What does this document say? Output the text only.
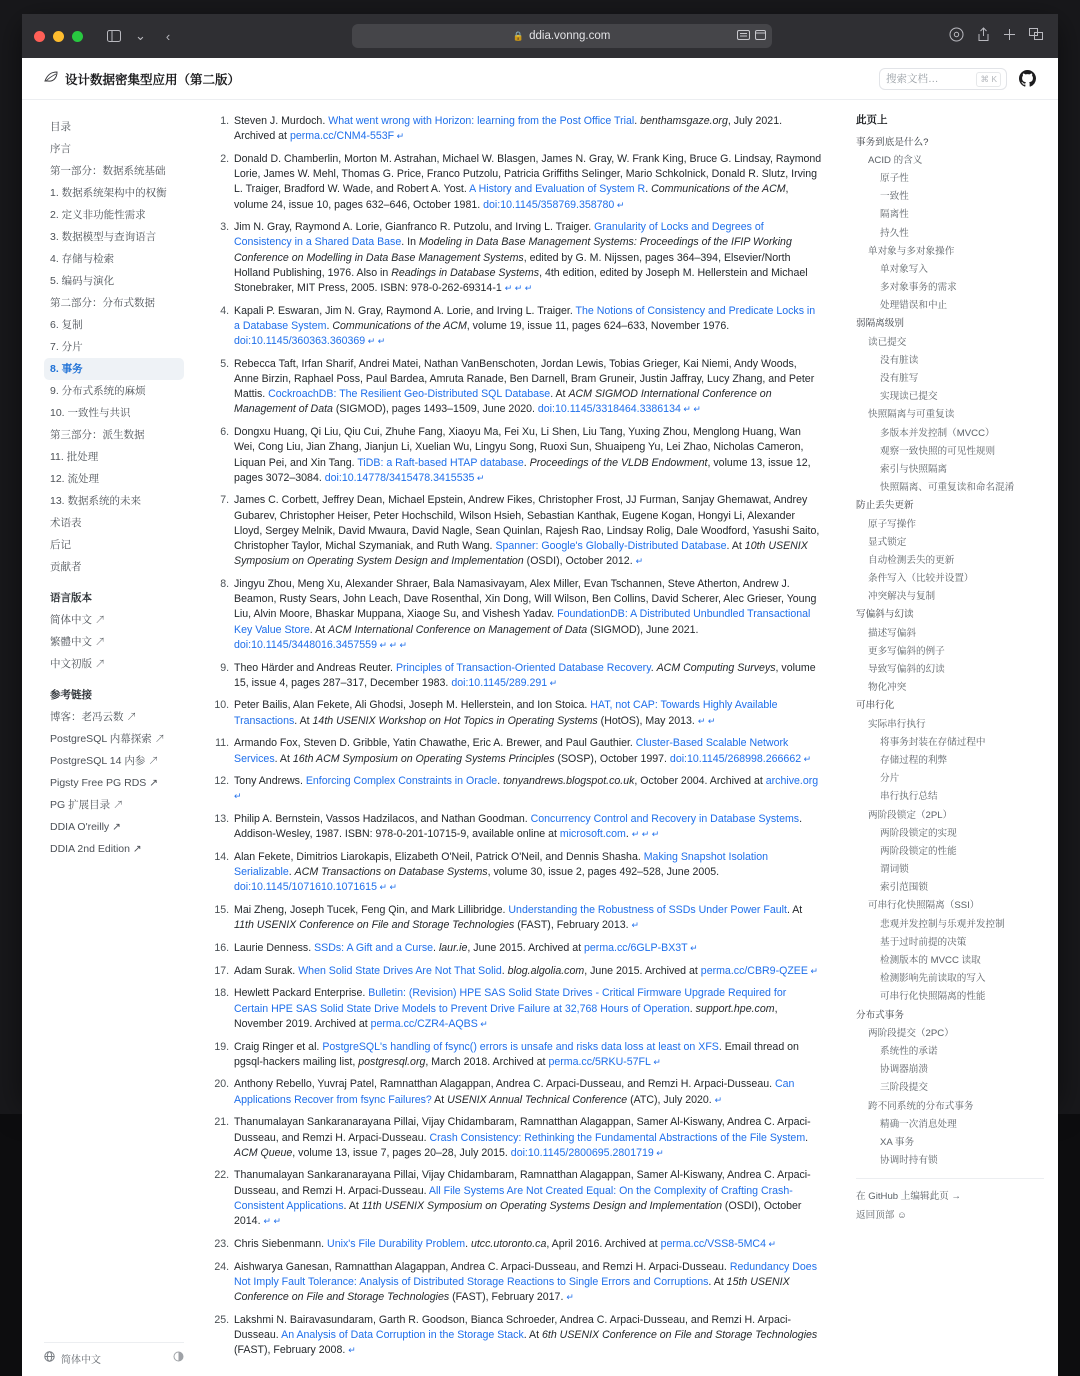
⌄	‹	🔒 ddia.vonng.com
设计数据密集型应用（第二版）	搜索文档…	⌘ K
目录
序言
第一部分：数据系统基础
1. 数据系统架构中的权衡
2. 定义非功能性需求
3. 数据模型与查询语言
4. 存储与检索
5. 编码与演化
第二部分：分布式数据
6. 复制
7. 分片
8. 事务
9. 分布式系统的麻烦
10. 一致性与共识
第三部分：派生数据
11. 批处理
12. 流处理
13. 数据系统的未来
术语表
后记
贡献者
语言版本
简体中文 ↗
繁體中文 ↗
中文初版 ↗
参考链接
博客：老冯云数 ↗
PostgreSQL 内幕探索 ↗
PostgreSQL 14 内参 ↗
Pigsty Free PG RDS ↗
PG 扩展目录 ↗
DDIA O'reilly ↗
DDIA 2nd Edition ↗
简体中文
1. Steven J. Murdoch. What went wrong with Horizon: learning from the Post Office Trial. benthamsgaze.org, July 2021. Archived at perma.cc/CNM4-553F ↵
2. Donald D. Chamberlin, Morton M. Astrahan, Michael W. Blasgen, James N. Gray, W. Frank King, Bruce G. Lindsay, Raymond Lorie, James W. Mehl, Thomas G. Price, Franco Putzolu, Patricia Griffiths Selinger, Mario Schkolnick, Donald R. Slutz, Irving L. Traiger, Bradford W. Wade, and Robert A. Yost. A History and Evaluation of System R. Communications of the ACM, volume 24, issue 10, pages 632–646, October 1981. doi:10.1145/358769.358780 ↵
3. Jim N. Gray, Raymond A. Lorie, Gianfranco R. Putzolu, and Irving L. Traiger. Granularity of Locks and Degrees of Consistency in a Shared Data Base. In Modeling in Data Base Management Systems: Proceedings of the IFIP Working Conference on Modelling in Data Base Management Systems, edited by G. M. Nijssen, pages 364–394, Elsevier/North Holland Publishing, 1976. Also in Readings in Database Systems, 4th edition, edited by Joseph M. Hellerstein and Michael Stonebraker, MIT Press, 2005. ISBN: 978-0-262-69314-1 ↵ ↵ ↵
4. Kapali P. Eswaran, Jim N. Gray, Raymond A. Lorie, and Irving L. Traiger. The Notions of Consistency and Predicate Locks in a Database System. Communications of the ACM, volume 19, issue 11, pages 624–633, November 1976. doi:10.1145/360363.360369 ↵ ↵
5. Rebecca Taft, Irfan Sharif, Andrei Matei, Nathan VanBenschoten, Jordan Lewis, Tobias Grieger, Kai Niemi, Andy Woods, Anne Birzin, Raphael Poss, Paul Bardea, Amruta Ranade, Ben Darnell, Bram Gruneir, Justin Jaffray, Lucy Zhang, and Peter Mattis. CockroachDB: The Resilient Geo-Distributed SQL Database. At ACM SIGMOD International Conference on Management of Data (SIGMOD), pages 1493–1509, June 2020. doi:10.1145/3318464.3386134 ↵ ↵
6. Dongxu Huang, Qi Liu, Qiu Cui, Zhuhe Fang, Xiaoyu Ma, Fei Xu, Li Shen, Liu Tang, Yuxing Zhou, Menglong Huang, Wan Wei, Cong Liu, Jian Zhang, Jianjun Li, Xuelian Wu, Lingyu Song, Ruoxi Sun, Shuaipeng Yu, Lei Zhao, Nicholas Cameron, Liquan Pei, and Xin Tang. TiDB: a Raft-based HTAP database. Proceedings of the VLDB Endowment, volume 13, issue 12, pages 3072–3084. doi:10.14778/3415478.3415535 ↵
7. James C. Corbett, Jeffrey Dean, Michael Epstein, Andrew Fikes, Christopher Frost, JJ Furman, Sanjay Ghemawat, Andrey Gubarev, Christopher Heiser, Peter Hochschild, Wilson Hsieh, Sebastian Kanthak, Eugene Kogan, Hongyi Li, Alexander Lloyd, Sergey Melnik, David Mwaura, David Nagle, Sean Quinlan, Rajesh Rao, Lindsay Rolig, Dale Woodford, Yasushi Saito, Christopher Taylor, Michal Szymaniak, and Ruth Wang. Spanner: Google's Globally-Distributed Database. At 10th USENIX Symposium on Operating System Design and Implementation (OSDI), October 2012. ↵
8. Jingyu Zhou, Meng Xu, Alexander Shraer, Bala Namasivayam, Alex Miller, Evan Tschannen, Steve Atherton, Andrew J. Beamon, Rusty Sears, John Leach, Dave Rosenthal, Xin Dong, Will Wilson, Ben Collins, David Scherer, Alec Grieser, Young Liu, Alvin Moore, Bhaskar Muppana, Xiaoge Su, and Vishesh Yadav. FoundationDB: A Distributed Unbundled Transactional Key Value Store. At ACM International Conference on Management of Data (SIGMOD), June 2021. doi:10.1145/3448016.3457559 ↵ ↵ ↵
9. Theo Härder and Andreas Reuter. Principles of Transaction-Oriented Database Recovery. ACM Computing Surveys, volume 15, issue 4, pages 287–317, December 1983. doi:10.1145/289.291 ↵
10. Peter Bailis, Alan Fekete, Ali Ghodsi, Joseph M. Hellerstein, and Ion Stoica. HAT, not CAP: Towards Highly Available Transactions. At 14th USENIX Workshop on Hot Topics in Operating Systems (HotOS), May 2013. ↵ ↵
11. Armando Fox, Steven D. Gribble, Yatin Chawathe, Eric A. Brewer, and Paul Gauthier. Cluster-Based Scalable Network Services. At 16th ACM Symposium on Operating Systems Principles (SOSP), October 1997. doi:10.1145/268998.266662 ↵
12. Tony Andrews. Enforcing Complex Constraints in Oracle. tonyandrews.blogspot.co.uk, October 2004. Archived at archive.org ↵
13. Philip A. Bernstein, Vassos Hadzilacos, and Nathan Goodman. Concurrency Control and Recovery in Database Systems. Addison-Wesley, 1987. ISBN: 978-0-201-10715-9, available online at microsoft.com. ↵ ↵ ↵
14. Alan Fekete, Dimitrios Liarokapis, Elizabeth O'Neil, Patrick O'Neil, and Dennis Shasha. Making Snapshot Isolation Serializable. ACM Transactions on Database Systems, volume 30, issue 2, pages 492–528, June 2005. doi:10.1145/1071610.1071615 ↵ ↵
15. Mai Zheng, Joseph Tucek, Feng Qin, and Mark Lillibridge. Understanding the Robustness of SSDs Under Power Fault. At 11th USENIX Conference on File and Storage Technologies (FAST), February 2013. ↵
16. Laurie Denness. SSDs: A Gift and a Curse. laur.ie, June 2015. Archived at perma.cc/6GLP-BX3T ↵
17. Adam Surak. When Solid State Drives Are Not That Solid. blog.algolia.com, June 2015. Archived at perma.cc/CBR9-QZEE ↵
18. Hewlett Packard Enterprise. Bulletin: (Revision) HPE SAS Solid State Drives - Critical Firmware Upgrade Required for Certain HPE SAS Solid State Drive Models to Prevent Drive Failure at 32,768 Hours of Operation. support.hpe.com, November 2019. Archived at perma.cc/CZR4-AQBS ↵
19. Craig Ringer et al. PostgreSQL's handling of fsync() errors is unsafe and risks data loss at least on XFS. Email thread on pgsql-hackers mailing list, postgresql.org, March 2018. Archived at perma.cc/5RKU-57FL ↵
20. Anthony Rebello, Yuvraj Patel, Ramnatthan Alagappan, Andrea C. Arpaci-Dusseau, and Remzi H. Arpaci-Dusseau. Can Applications Recover from fsync Failures? At USENIX Annual Technical Conference (ATC), July 2020. ↵
21. Thanumalayan Sankaranarayana Pillai, Vijay Chidambaram, Ramnatthan Alagappan, Samer Al-Kiswany, Andrea C. Arpaci-Dusseau, and Remzi H. Arpaci-Dusseau. Crash Consistency: Rethinking the Fundamental Abstractions of the File System. ACM Queue, volume 13, issue 7, pages 20–28, July 2015. doi:10.1145/2800695.2801719 ↵
22. Thanumalayan Sankaranarayana Pillai, Vijay Chidambaram, Ramnatthan Alagappan, Samer Al-Kiswany, Andrea C. Arpaci-Dusseau, and Remzi H. Arpaci-Dusseau. All File Systems Are Not Created Equal: On the Complexity of Crafting Crash-Consistent Applications. At 11th USENIX Symposium on Operating Systems Design and Implementation (OSDI), October 2014. ↵ ↵
23. Chris Siebenmann. Unix's File Durability Problem. utcc.utoronto.ca, April 2016. Archived at perma.cc/VSS8-5MC4 ↵
24. Aishwarya Ganesan, Ramnatthan Alagappan, Andrea C. Arpaci-Dusseau, and Remzi H. Arpaci-Dusseau. Redundancy Does Not Imply Fault Tolerance: Analysis of Distributed Storage Reactions to Single Errors and Corruptions. At 15th USENIX Conference on File and Storage Technologies (FAST), February 2017. ↵
25. Lakshmi N. Bairavasundaram, Garth R. Goodson, Bianca Schroeder, Andrea C. Arpaci-Dusseau, and Remzi H. Arpaci-Dusseau. An Analysis of Data Corruption in the Storage Stack. At 6th USENIX Conference on File and Storage Technologies (FAST), February 2008. ↵
此页上
事务到底是什么?
ACID 的含义
原子性
一致性
隔离性
持久性
单对象与多对象操作
单对象写入
多对象事务的需求
处理错误和中止
弱隔离级别
读已提交
没有脏读
没有脏写
实现读已提交
快照隔离与可重复读
多版本并发控制（MVCC）
观察一致快照的可见性规则
索引与快照隔离
快照隔离、可重复读和命名混淆
防止丢失更新
原子写操作
显式锁定
自动检测丢失的更新
条件写入（比较并设置）
冲突解决与复制
写偏斜与幻读
描述写偏斜
更多写偏斜的例子
导致写偏斜的幻读
物化冲突
可串行化
实际串行执行
将事务封装在存储过程中
存储过程的利弊
分片
串行执行总结
两阶段锁定（2PL）
两阶段锁定的实现
两阶段锁定的性能
谓词锁
索引范围锁
可串行化快照隔离（SSI）
悲观并发控制与乐观并发控制
基于过时前提的决策
检测版本的 MVCC 读取
检测影响先前读取的写入
可串行化快照隔离的性能
分布式事务
两阶段提交（2PC）
系统性的承诺
协调器崩溃
三阶段提交
跨不同系统的分布式事务
精确一次消息处理
XA 事务
协调时持有锁
在 GitHub 上编辑此页 →
返回顶部 ☺
